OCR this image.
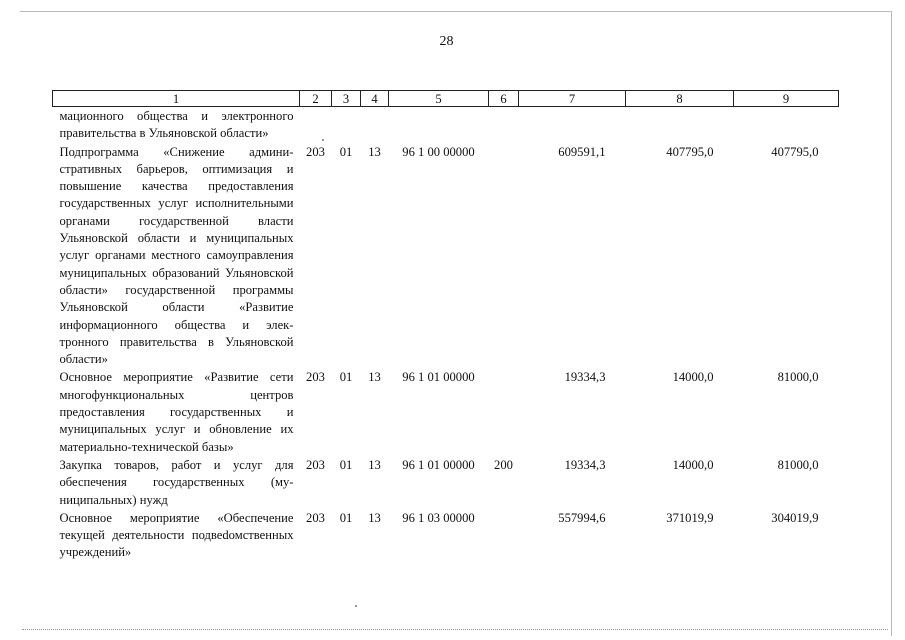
28
1	2	3	4	5	6	7	8	9
мационного общества и электронного правительства в Ульяновской области»								
Подпрограмма «Снижение административных барьеров, оптимизация и повышение качества предоставления государственных услуг исполнительными органами государственной власти Ульяновской области и муниципальных услуг органами местного самоуправления муниципальных образований Ульяновской области» государственной программы Ульяновской области «Развитие информационного общества и электронного правительства в Ульяновской области»	203	01	13	96 1 00 00000		609591,1	407795,0	407795,0
Основное мероприятие «Развитие сети многофункциональных центров предоставления государственных и муниципальных услуг и обновление их материально-технической базы»	203	01	13	96 1 01 00000		19334,3	14000,0	81000,0
Закупка товаров, работ и услуг для обеспечения государственных (муниципальных) нужд	203	01	13	96 1 01 00000	200	19334,3	14000,0	81000,0
Основное мероприятие «Обеспечение текущей деятельности подвеdомственных учреждений»	203	01	13	96 1 03 00000		557994,6	371019,9	304019,9
